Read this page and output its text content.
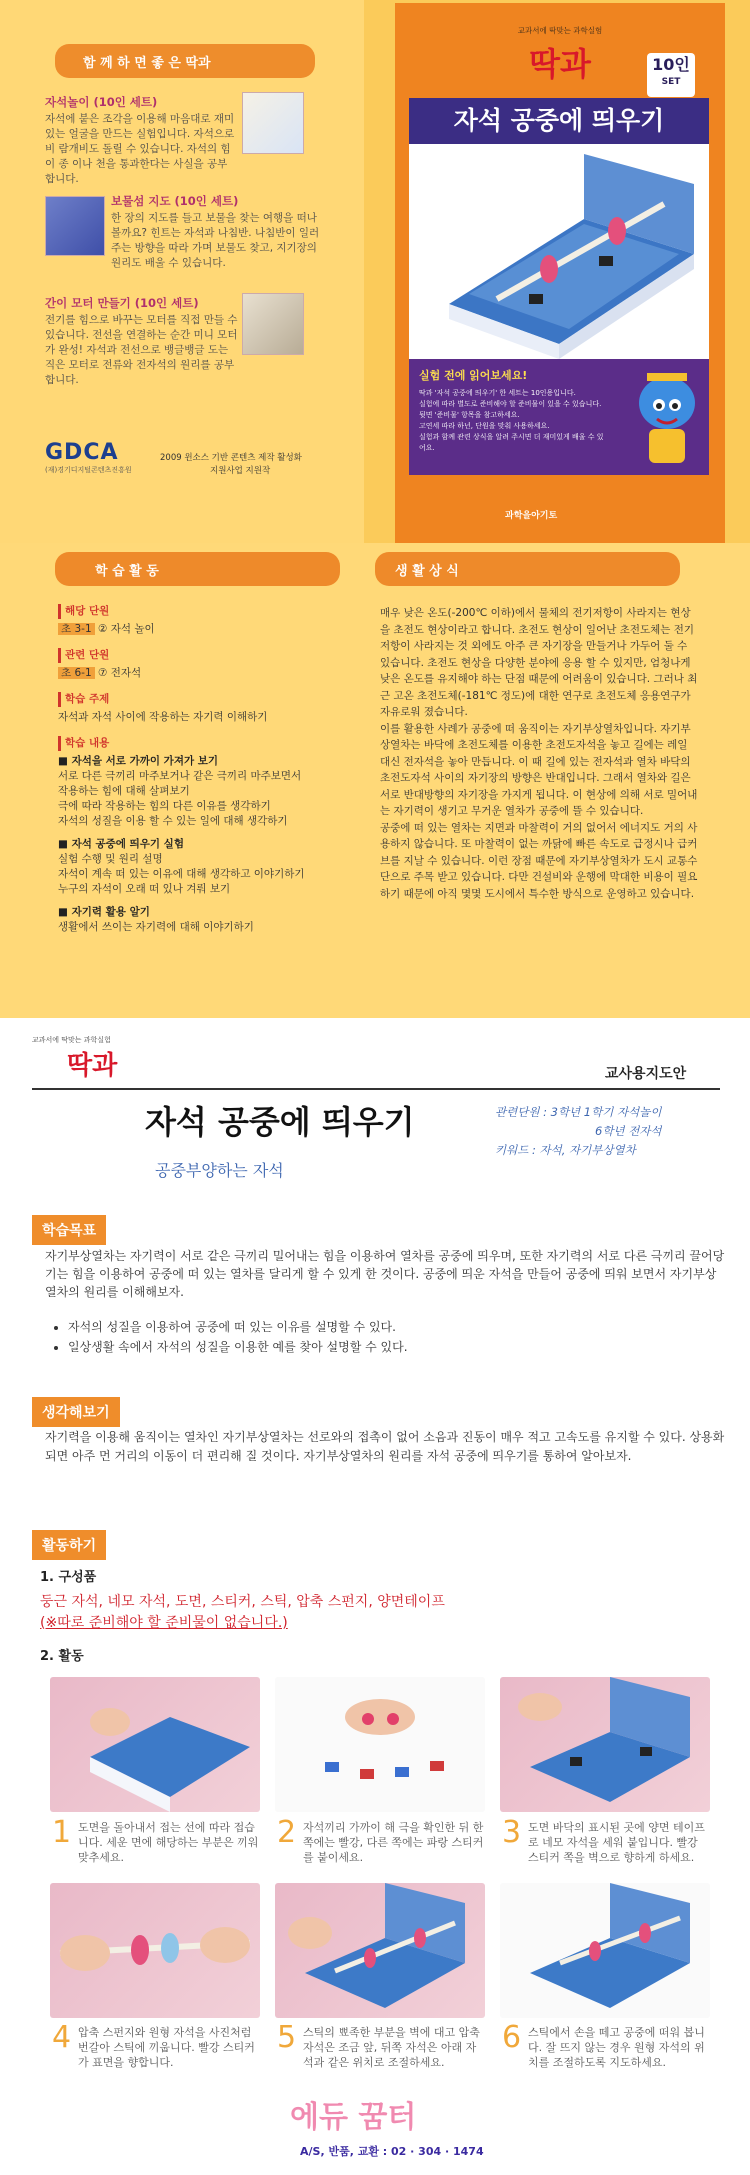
함 께 하 면 좋 은 딱과
자석놀이 (10인 세트)
자석에 붙은 조각을 이용해 마음대로 재미있는 얼굴을 만드는 실험입니다. 자석으로 비 람개비도 돌릴 수 있습니다. 자석의 힘이 종 이나 천을 통과한다는 사실을 공부합니다.
보물섬 지도 (10인 세트)
한 장의 지도를 들고 보물을 찾는 여행을 떠나 볼까요? 힌트는 자석과 나침반. 나침반이 일러 주는 방향을 따라 가며 보물도 찾고, 지기장의 원리도 배울 수 있습니다.
간이 모터 만들기 (10인 세트)
전기를 힘으로 바꾸는 모터를 직접 만들 수 있습니다. 전선을 연결하는 순간 미니 모터가 완성! 자석과 전선으로 뱅글뱅글 도는 직은 모터로 전류와 전자석의 원리를 공부합니다.
GDCA
(재)경기디지털콘텐츠진흥원
2009 윈소스 기반 콘텐츠 제작 활성화
지원사업 지원작
교과서에 딱맞는 과학실험
딱과	10인
SET
자석 공중에 띄우기
실험 전에 읽어보세요!
딱과 '자석 공중에 띄우기' 한 세트는 10인용입니다.
실험에 따라 별도로 준비해야 할 준비물이 있을 수 있습니다.
뒷면 '준비물' 항목을 참고하세요.
고연세 따라 하넌, 단원을 맞춰 사용하세요.
실험과 함께 관련 상식을 알려 주시면 더 재미있게 배울 수 있어요.
과학을아기토
학 습 활 동
해당 단원
초 3-1 ② 자석 놀이
관련 단원
초 6-1 ⑦ 전자석
학습 주제
자석과 자석 사이에 작용하는 자기력 이해하기
학습 내용
■ 자석을 서로 가까이 가져가 보기
서로 다른 극끼리 마주보거나 같은 극끼리 마주보면서
작용하는 힘에 대해 살펴보기
극에 따라 작용하는 힘의 다른 이유를 생각하기
자석의 성질을 이용 할 수 있는 일에 대해 생각하기
■ 자석 공중에 띄우기 실험
실험 수행 및 원리 설명
자석이 계속 떠 있는 이유에 대해 생각하고 이야기하기
누구의 자석이 오래 떠 있나 겨뤄 보기
■ 자기력 활용 알기
생활에서 쓰이는 자기력에 대해 이야기하기
생 활 상 식

매우 낮은 온도(-200℃ 이하)에서 물체의 전기저항이 사라지는 현상을 초전도 현상이라고 합니다. 초전도 현상이 일어난 초전도체는 전기저항이 사라지는 것 외에도 아주 큰 자기장을 만들거나 가두어 둘 수 있습니다. 초전도 현상을 다양한 분야에 응용 할 수 있지만, 엄청나게 낮은 온도를 유지해야 하는 단점 때문에 어려움이 있습니다. 그러나 최근 고온 초전도체(-181℃ 정도)에 대한 연구로 초전도체 응용연구가 자유로워 졌습니다.

이를 활용한 사례가 공중에 떠 움직이는 자기부상열차입니다. 자기부상열차는 바닥에 초전도체를 이용한 초전도자석을 놓고 길에는 레일 대신 전자석을 놓아 만듭니다. 이 때 길에 있는 전자석과 열차 바닥의 초전도자석 사이의 자기장의 방향은 반대입니다. 그래서 열차와 길은 서로 반대방향의 자기장을 가지게 됩니다. 이 현상에 의해 서로 밀어내는 자기력이 생기고 무거운 열차가 공중에 뜰 수 있습니다.

공중에 떠 있는 열차는 지면과 마찰력이 거의 없어서 에너지도 거의 사용하지 않습니다. 또 마찰력이 없는 까닭에 빠른 속도로 급정시나 급커브를 지날 수 있습니다. 이런 장점 때문에 자기부상열차가 도시 교통수단으로 주목 받고 있습니다. 다만 건설비와 운행에 막대한 비용이 필요하기 때문에 아직 몇몇 도시에서 특수한 방식으로 운영하고 있습니다.

교과서에 딱맞는 과학실험
딱과	교사용지도안
자석 공중에 띄우기
공중부양하는 자석
관련단원 : 3학년 1학기 자석놀이
6학년 전자석
키워드 : 자석, 자기부상열차
학습목표
자기부상열차는 자기력이 서로 같은 극끼리 밀어내는 힘을 이용하여 열차를 공중에 띄우며, 또한 자기력의 서로 다른 극끼리 끌어당기는 힘을 이용하여 공중에 떠 있는 열차를 달리게 할 수 있게 한 것이다. 공중에 띄운 자석을 만들어 공중에 띄워 보면서 자기부상열차의 원리를 이해해보자.
• 자석의 성질을 이용하여 공중에 떠 있는 이유를 설명할 수 있다.
• 일상생활 속에서 자석의 성질을 이용한 예를 찾아 설명할 수 있다.
생각해보기
자기력을 이용해 움직이는 열차인 자기부상열차는 선로와의 접촉이 없어 소음과 진동이 매우 적고 고속도를 유지할 수 있다. 상용화되면 아주 먼 거리의 이동이 더 편리해 질 것이다. 자기부상열차의 원리를 자석 공중에 띄우기를 통하여 알아보자.
활동하기
1. 구성품
둥근 자석, 네모 자석, 도면, 스티커, 스틱, 압축 스펀지, 양면테이프
(※따로 준비해야 할 준비물이 없습니다.)
2. 활동
1 도면을 돌아내서 접는 선에 따라 접습니다. 세운 면에 해당하는 부분은 끼워 맞추세요.
2 자석끼리 가까이 해 극을 확인한 뒤 한 쪽에는 빨강, 다른 쪽에는 파랑 스티커를 붙이세요.
3 도면 바닥의 표시된 곳에 양면 테이프로 네모 자석을 세워 붙입니다. 빨강 스티커 쪽을 벽으로 향하게 하세요.
4 압축 스펀지와 원형 자석을 사진처럼 번갈아 스틱에 끼웁니다. 빨강 스티커가 표면을 향합니다.
5 스틱의 뾰족한 부분을 벽에 대고 압축 자석은 조금 앞, 뒤쪽 자석은 아래 자석과 같은 위치로 조절하세요.
6 스틱에서 손을 떼고 공중에 떠워 봅니다. 잘 뜨지 않는 경우 원형 자석의 위치를 조절하도록 지도하세요.
에듀 꿈터
A/S, 반품, 교환 : 02 · 304 · 1474
